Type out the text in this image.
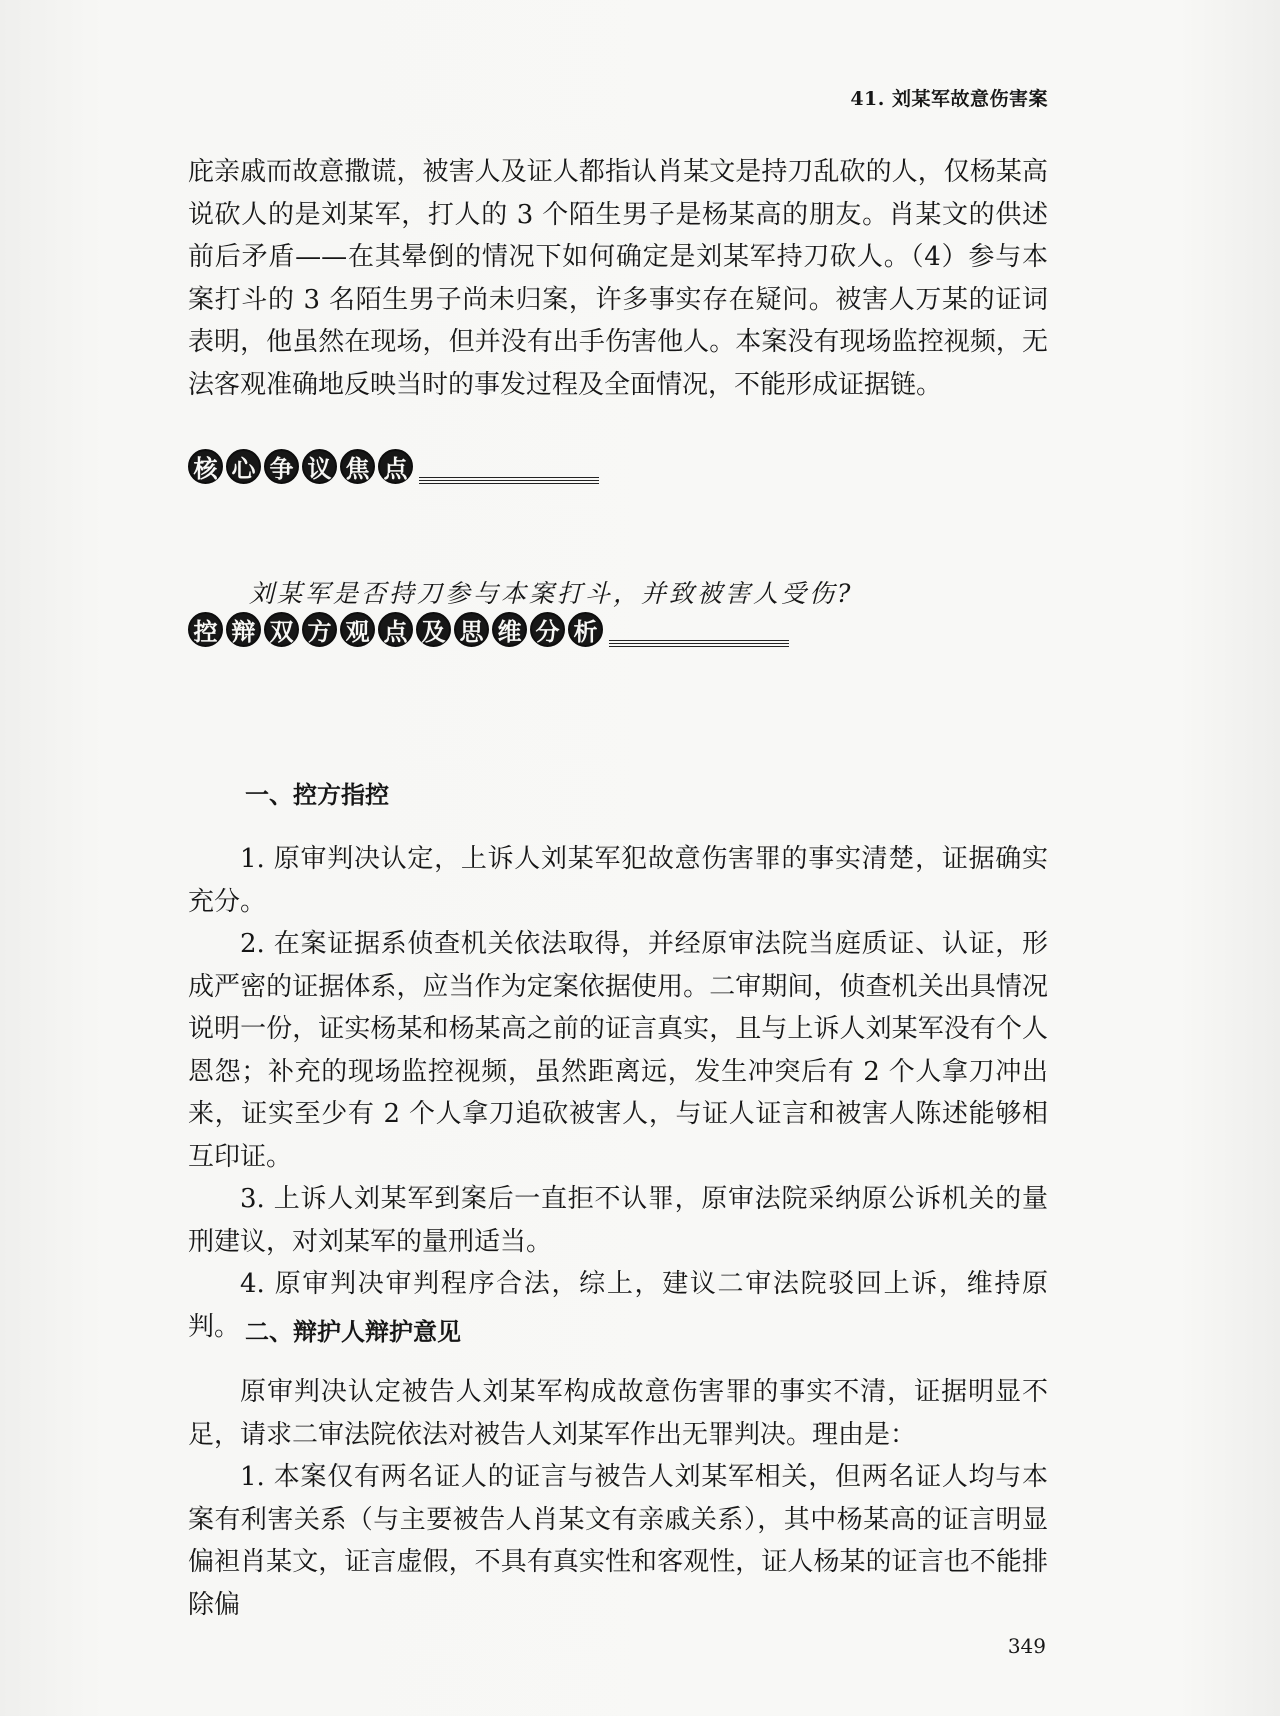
41. 刘某军故意伤害案

庇亲戚而故意撒谎，被害人及证人都指认肖某文是持刀乱砍的人，仅杨某高说砍人的是刘某军，打人的 3 个陌生男子是杨某高的朋友。肖某文的供述前后矛盾——在其晕倒的情况下如何确定是刘某军持刀砍人。（4）参与本案打斗的 3 名陌生男子尚未归案，许多事实存在疑问。被害人万某的证词表明，他虽然在现场，但并没有出手伤害他人。本案没有现场监控视频，无法客观准确地反映当时的事发过程及全面情况，不能形成证据链。

核 心 争 议 焦 点
刘某军是否持刀参与本案打斗，并致被害人受伤?
控 辩 双 方 观 点 及 思 维 分 析
一、控方指控

1. 原审判决认定，上诉人刘某军犯故意伤害罪的事实清楚，证据确实充分。

2. 在案证据系侦查机关依法取得，并经原审法院当庭质证、认证，形成严密的证据体系，应当作为定案依据使用。二审期间，侦查机关出具情况说明一份，证实杨某和杨某高之前的证言真实，且与上诉人刘某军没有个人恩怨；补充的现场监控视频，虽然距离远，发生冲突后有 2 个人拿刀冲出来，证实至少有 2 个人拿刀追砍被害人，与证人证言和被害人陈述能够相互印证。

3. 上诉人刘某军到案后一直拒不认罪，原审法院采纳原公诉机关的量刑建议，对刘某军的量刑适当。

4. 原审判决审判程序合法，综上，建议二审法院驳回上诉，维持原判。 二、辩护人辩护意见

原审判决认定被告人刘某军构成故意伤害罪的事实不清，证据明显不足，请求二审法院依法对被告人刘某军作出无罪判决。理由是：

1. 本案仅有两名证人的证言与被告人刘某军相关，但两名证人均与本案有利害关系（与主要被告人肖某文有亲戚关系），其中杨某高的证言明显偏袒肖某文，证言虚假，不具有真实性和客观性，证人杨某的证言也不能排除偏

349
